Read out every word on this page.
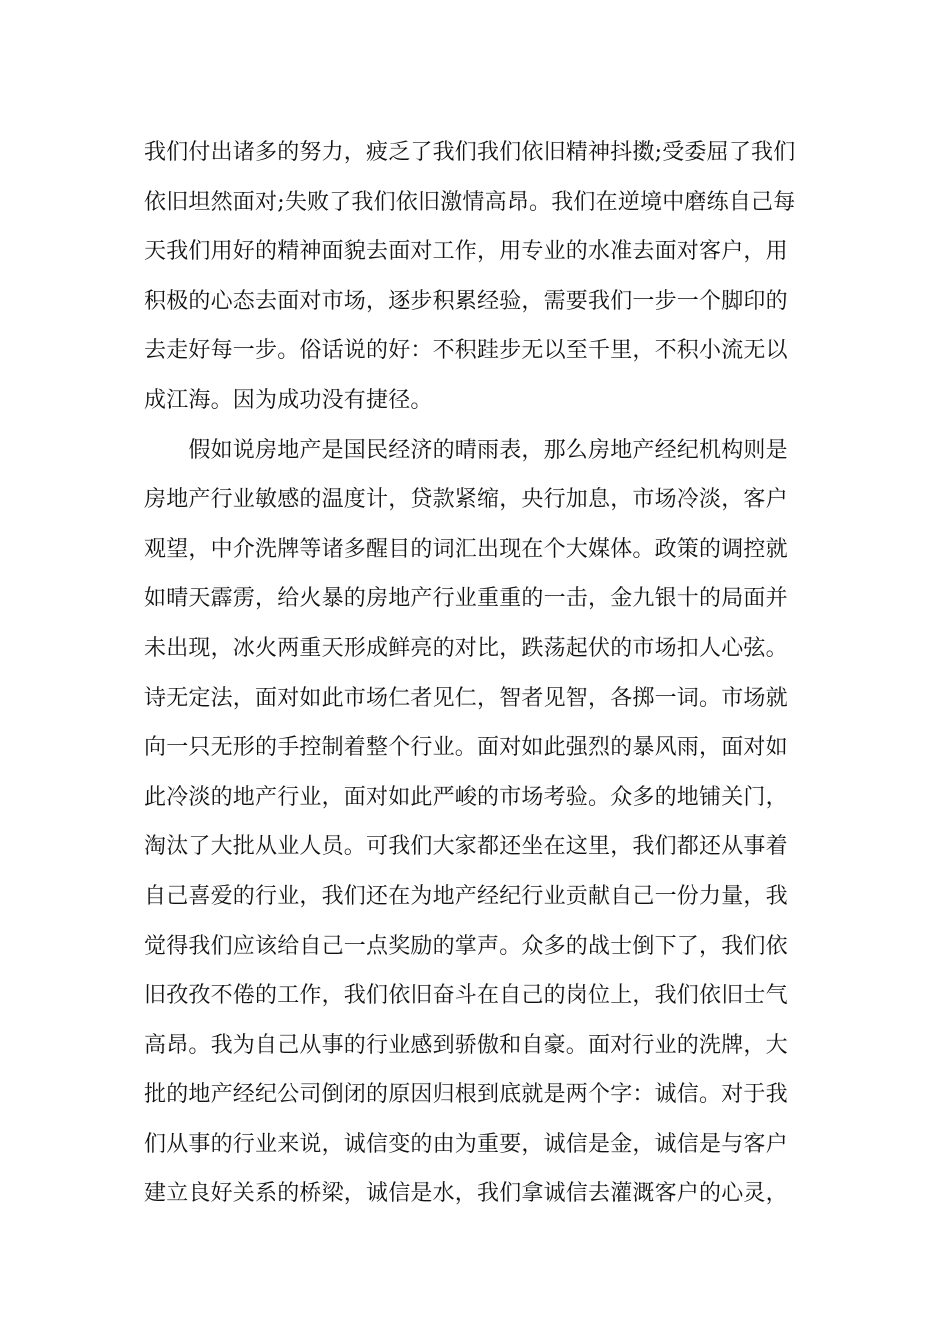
我们付出诸多的努力，疲乏了我们我们依旧精神抖擞;受委屈了我们
依旧坦然面对;失败了我们依旧激情高昂。我们在逆境中磨练自己每
天我们用好的精神面貌去面对工作，用专业的水准去面对客户，用
积极的心态去面对市场，逐步积累经验，需要我们一步一个脚印的
去走好每一步。俗话说的好：不积跬步无以至千里，不积小流无以
成江海。因为成功没有捷径。
　　假如说房地产是国民经济的晴雨表，那么房地产经纪机构则是
房地产行业敏感的温度计，贷款紧缩，央行加息，市场冷淡，客户
观望，中介洗牌等诸多醒目的词汇出现在个大媒体。政策的调控就
如晴天霹雳，给火暴的房地产行业重重的一击，金九银十的局面并
未出现，冰火两重天形成鲜亮的对比，跌荡起伏的市场扣人心弦。
诗无定法，面对如此市场仁者见仁，智者见智，各掷一词。市场就
向一只无形的手控制着整个行业。面对如此强烈的暴风雨，面对如
此冷淡的地产行业，面对如此严峻的市场考验。众多的地铺关门，
淘汰了大批从业人员。可我们大家都还坐在这里，我们都还从事着
自己喜爱的行业，我们还在为地产经纪行业贡献自己一份力量，我
觉得我们应该给自己一点奖励的掌声。众多的战士倒下了，我们依
旧孜孜不倦的工作，我们依旧奋斗在自己的岗位上，我们依旧士气
高昂。我为自己从事的行业感到骄傲和自豪。面对行业的洗牌，大
批的地产经纪公司倒闭的原因归根到底就是两个字：诚信。对于我
们从事的行业来说，诚信变的由为重要，诚信是金，诚信是与客户
建立良好关系的桥梁，诚信是水，我们拿诚信去灌溉客户的心灵，
